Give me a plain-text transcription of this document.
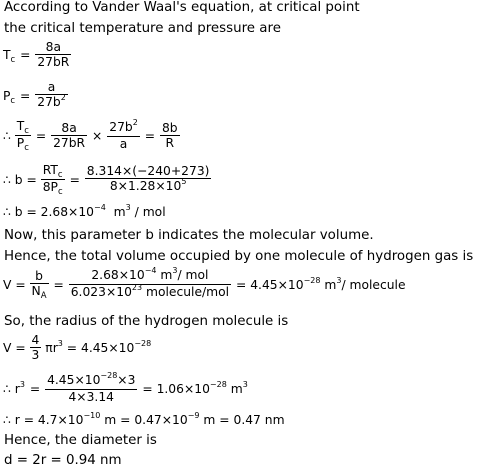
According to Vander Waal's equation, at critical point
the critical temperature and pressure are
$T_c = \frac{8a}{27bR}$
$P_c = \frac{a}{27b^2}$
∴ $\frac{T_c}{P_c} = \frac{8a}{27bR} \times \frac{27b^2}{a} = \frac{8b}{R}$
∴ $b = \frac{RT_c}{8P_c} = \frac{8.314\times(-240+273)}{8\times 1.28\times 10^5}$
∴ $b = 2.68\times 10^{-4}$ $m^3$ / mol
Now, this parameter b indicates the molecular volume.
Hence, the total volume occupied by one molecule of hydrogen gas is
$V = \frac{b}{N_A} = \frac{2.68\times 10^{-4} m^3/ mol}{6.023\times 10^{23} molecule/mol} = 4.45\times 10^{-28}$ $m^3/$ molecule
So, the radius of the hydrogen molecule is
$V = \frac{4}{3} \pi r^3 = 4.45\times 10^{-28}$
∴ $r^3 = \frac{4.45\times 10^{-28}\times 3}{4\times 3.14} = 1.06\times 10^{-28}$ $m^3$
∴ $r = 4.7\times 10^{-10}$ $m = 0.47\times 10^{-9}$ m = 0.47 nm
Hence, the diameter is
d = 2r = 0.94 nm
